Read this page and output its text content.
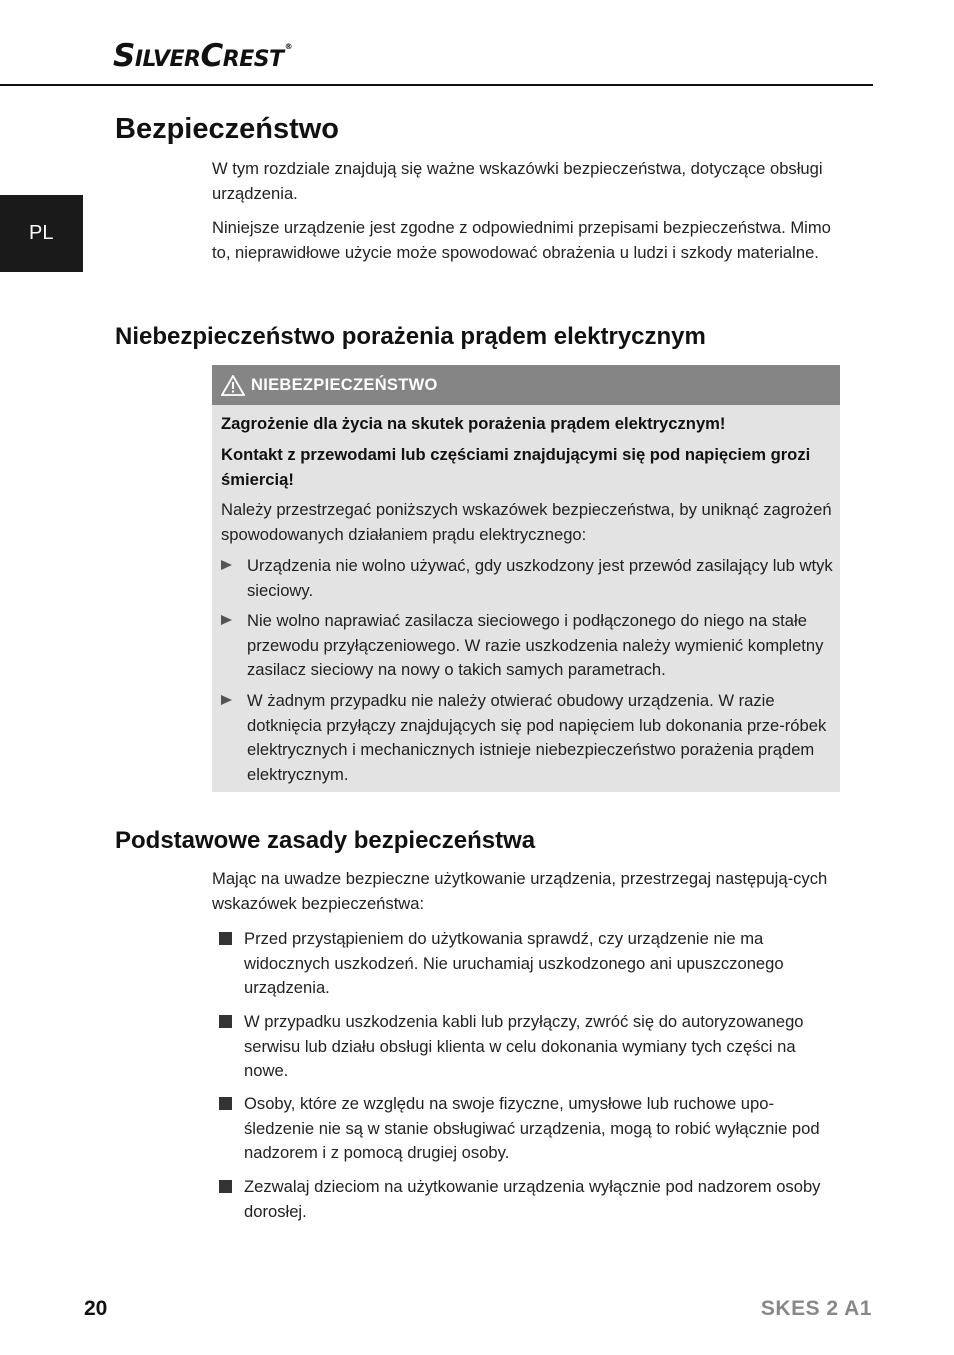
SilverCrest®
PL
Bezpieczeństwo

W tym rozdziale znajdują się ważne wskazówki bezpieczeństwa, dotyczące obsługi urządzenia.

Niniejsze urządzenie jest zgodne z odpowiednimi przepisami bezpieczeństwa. Mimo to, nieprawidłowe użycie może spowodować obrażenia u ludzi i szkody materialne.

Niebezpieczeństwo porażenia prądem elektrycznym
NIEBEZPIECZEŃSTWO

Zagrożenie dla życia na skutek porażenia prądem elektrycznym!

Kontakt z przewodami lub częściami znajdującymi się pod napięciem grozi śmiercią!

Należy przestrzegać poniższych wskazówek bezpieczeństwa, by uniknąć zagrożeń spowodowanych działaniem prądu elektrycznego:

Urządzenia nie wolno używać, gdy uszkodzony jest przewód zasilający lub wtyk sieciowy.
Nie wolno naprawiać zasilacza sieciowego i podłączonego do niego na stałe przewodu przyłączeniowego. W razie uszkodzenia należy wymienić kompletny zasilacz sieciowy na nowy o takich samych parametrach.
W żadnym przypadku nie należy otwierać obudowy urządzenia. W razie dotknięcia przyłączy znajdujących się pod napięciem lub dokonania prze-róbek elektrycznych i mechanicznych istnieje niebezpieczeństwo porażenia prądem elektrycznym.
Podstawowe zasady bezpieczeństwa

Mając na uwadze bezpieczne użytkowanie urządzenia, przestrzegaj następują-cych wskazówek bezpieczeństwa:

Przed przystąpieniem do użytkowania sprawdź, czy urządzenie nie ma widocznych uszkodzeń. Nie uruchamiaj uszkodzonego ani upuszczonego urządzenia.
W przypadku uszkodzenia kabli lub przyłączy, zwróć się do autoryzowanego serwisu lub działu obsługi klienta w celu dokonania wymiany tych części na nowe.
Osoby, które ze względu na swoje fizyczne, umysłowe lub ruchowe upo-śledzenie nie są w stanie obsługiwać urządzenia, mogą to robić wyłącznie pod nadzorem i z pomocą drugiej osoby.
Zezwalaj dzieciom na użytkowanie urządzenia wyłącznie pod nadzorem osoby dorosłej.
20	SKES 2 A1
